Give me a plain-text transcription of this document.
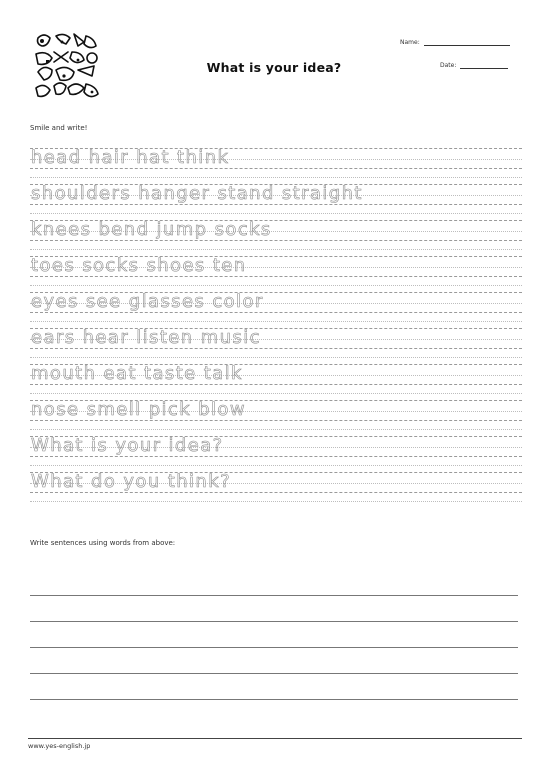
What is your idea?
Name:
Date:
Smile and write!
head hair hat think
shoulders hanger stand straight
knees bend jump socks
toes socks shoes ten
eyes see glasses color
ears hear listen music
mouth eat taste talk
nose smell pick blow
What is your idea?
What do you think?
Write sentences using words from above:
www.yes-english.jp
